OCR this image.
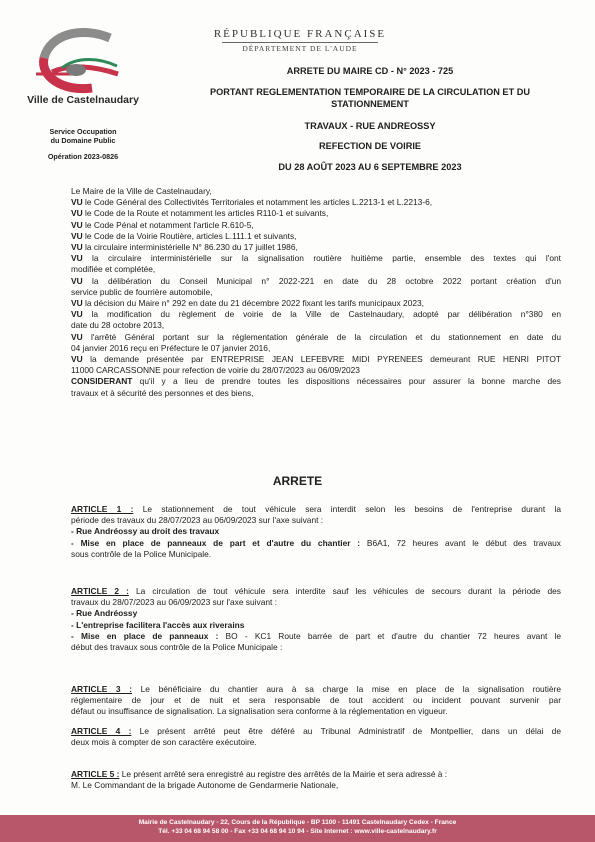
Ville de Castelnaudary
RÉPUBLIQUE FRANÇAISE
DÉPARTEMENT DE L'AUDE
Service Occupation
du Domaine Public
Opération 2023-0826
ARRETE DU MAIRE CD - N° 2023 - 725
PORTANT REGLEMENTATION TEMPORAIRE DE LA CIRCULATION ET DU
STATIONNEMENT
TRAVAUX - RUE ANDREOSSY
REFECTION DE VOIRIE
DU 28 AOÛT 2023 AU 6 SEPTEMBRE 2023

Le Maire de la Ville de Castelnaudary,

VU le Code Général des Collectivités Territoriales et notamment les articles L.2213-1 et L.2213-6,

VU le Code de la Route et notamment les articles R110-1 et suivants,

VU le Code Pénal et notamment l'article R.610-5,

VU le Code de la Voirie Routière, articles L.111.1 et suivants,

VU la circulaire interministérielle N° 86.230 du 17 juillet 1986,

VU la circulaire interministérielle sur la signalisation routière huitième partie, ensemble des textes qui l'ont

modifiée et complétée,

VU la délibération du Conseil Municipal n° 2022-221 en date du 28 octobre 2022 portant création d'un

service public de fourrière automobile,

VU la décision du Maire n° 292 en date du 21 décembre 2022 fixant les tarifs municipaux 2023,

VU la modification du règlement de voirie de la Ville de Castelnaudary, adopté par délibération n°380 en

date du 28 octobre 2013,

VU l'arrêté Général portant sur la réglementation générale de la circulation et du stationnement en date du

04 janvier 2016 reçu en Préfecture le 07 janvier 2016,

VU la demande présentée par ENTREPRISE JEAN LEFEBVRE MIDI PYRENEES demeurant RUE HENRI PITOT

11000 CARCASSONNE pour refection de voirie du 28/07/2023 au 06/09/2023

CONSIDERANT qu'il y a lieu de prendre toutes les dispositions nécessaires pour assurer la bonne marche des

travaux et à sécurité des personnes et des biens,

ARRETE

ARTICLE 1 : Le stationnement de tout véhicule sera interdit selon les besoins de l'entreprise durant la

période des travaux du 28/07/2023 au 06/09/2023 sur l'axe suivant :

- Rue Andréossy au droit des travaux

- Mise en place de panneaux de part et d'autre du chantier : B6A1, 72 heures avant le début des travaux

sous contrôle de la Police Municipale.

ARTICLE 2 : La circulation de tout véhicule sera interdite sauf les véhicules de secours durant la période des

travaux du 28/07/2023 au 06/09/2023 sur l'axe suivant :

- Rue Andréossy

- L'entreprise facilitera l'accès aux riverains

- Mise en place de panneaux : BO - KC1 Route barrée de part et d'autre du chantier 72 heures avant le

début des travaux sous contrôle de la Police Municipale :

ARTICLE 3 : Le bénéficiaire du chantier aura à sa charge la mise en place de la signalisation routière

réglementaire de jour et de nuit et sera responsable de tout accident ou incident pouvant survenir par

défaut ou insuffisance de signalisation. La signalisation sera conforme à la réglementation en vigueur.

ARTICLE 4 : Le présent arrêté peut être déféré au Tribunal Administratif de Montpellier, dans un délai de

deux mois à compter de son caractère exécutoire.

ARTICLE 5 : Le présent arrêté sera enregistré au registre des arrêtés de la Mairie et sera adressé à :

M. Le Commandant de la brigade Autonome de Gendarmerie Nationale,

Mairie de Castelnaudary - 22, Cours de la République - BP 1100 - 11491 Castelnaudary Cedex - France
Tél. +33 04 68 94 58 00 - Fax +33 04 68 94 10 94 - Site Internet : www.ville-castelnaudary.fr
